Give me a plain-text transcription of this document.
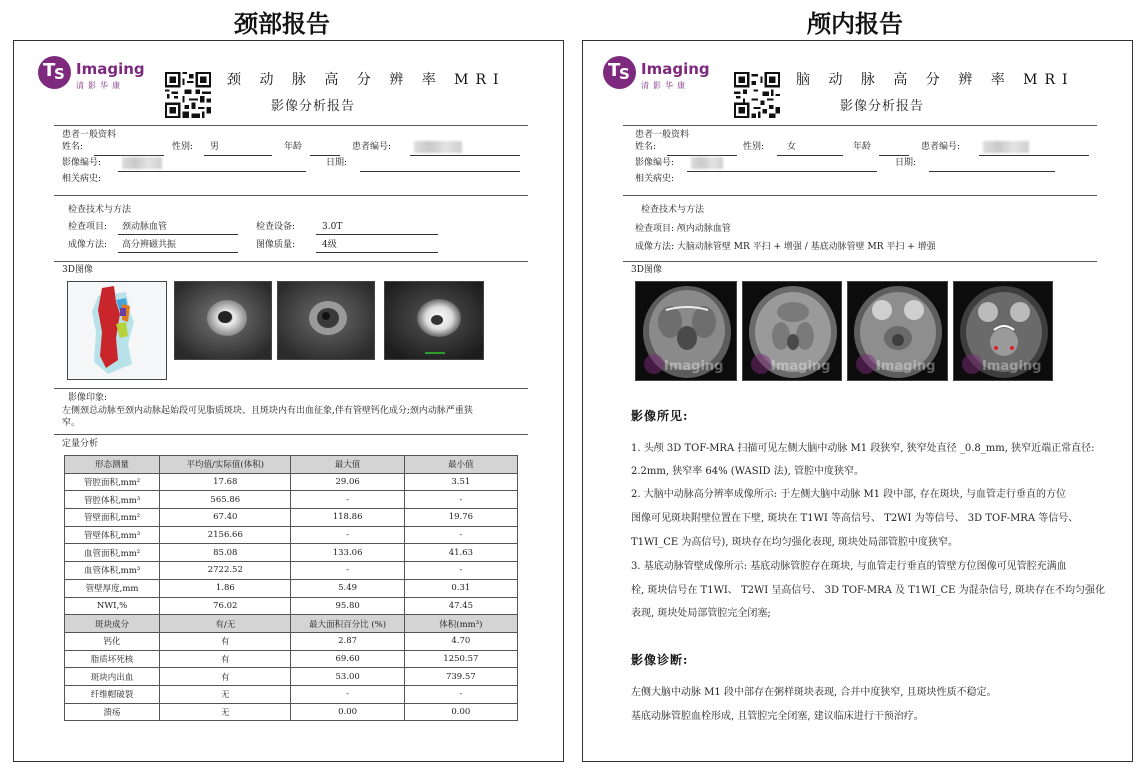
颈部报告	颅内报告
T
S Imaging
清影华康	颈 动 脉 高 分 辨 率 MRI
影像分析报告
患者一般资料
姓名:	性别: 男	年龄	患者编号:
影像编号:	日期:
相关病史:
检查技术与方法
检查项目: 颈动脉血管	检查设备:	3.0T
成像方法: 高分辨磁共振	图像质量:	4级
3D图像
影像印象:
左侧颈总动脉至颈内动脉起始段可见脂质斑块、且斑块内有出血征象,伴有管壁钙化成分;颈内动脉严重狭
窄。
定量分析
形态测量	平均值/实际值(体积)	最大值	最小值
管腔面积,mm²	17.68	29.06	3.51
管腔体积,mm³	565.86	-	-
管壁面积,mm²	67.40	118.86	19.76
管壁体积,mm³	2156.66	-	-
血管面积,mm²	85.08	133.06	41.63
血管体积,mm³	2722.52	-	-
管壁厚度,mm	1.86	5.49	0.31
NWI,%	76.02	95.80	47.45
斑块成分	有/无	最大面积百分比 (%)	体积(mm³)
钙化	有	2.87	4.70
脂质坏死核	有	69.60	1250.57
斑块内出血	有	53.00	739.57
纤维帽破裂	无	-	-
溃疡	无	0.00	0.00
T
S Imaging
清影华康	脑 动 脉 高 分 辨 率 MRI
影像分析报告
患者一般资料
姓名:	性别:	女	年龄	患者编号:
影像编号:	日期:
相关病史:
检查技术与方法
检查项目: 颅内动脉血管
成像方法: 大脑动脉管壁 MR 平扫 + 增强 / 基底动脉管壁 MR 平扫 + 增强
3D图像
Imaging	Imaging	Imaging	Imaging
影像所见:
1. 头颅 3D TOF-MRA 扫描可见左侧大脑中动脉 M1 段狭窄, 狭窄处直径 _0.8_mm, 狭窄近端正常直径:
2.2mm, 狭窄率 64% (WASID 法), 管腔中度狭窄。
2. 大脑中动脉高分辨率成像所示: 于左侧大脑中动脉 M1 段中部, 存在斑块, 与血管走行垂直的方位
图像可见斑块附壁位置在下壁, 斑块在 T1WI 等高信号、 T2WI 为等信号、 3D TOF-MRA 等信号、
T1WI_CE 为高信号), 斑块存在均匀强化表现, 斑块处局部管腔中度狭窄。
3. 基底动脉管壁成像所示: 基底动脉管腔存在斑块, 与血管走行垂直的管壁方位图像可见管腔充满血
栓, 斑块信号在 T1WI、 T2WI 呈高信号、 3D TOF-MRA 及 T1WI_CE 为混杂信号, 斑块存在不均匀强化
表现, 斑块处局部管腔完全闭塞;
影像诊断:
左侧大脑中动脉 M1 段中部存在粥样斑块表现, 合并中度狭窄, 且斑块性质不稳定。
基底动脉管腔血栓形成, 且管腔完全闭塞, 建议临床进行干预治疗。
